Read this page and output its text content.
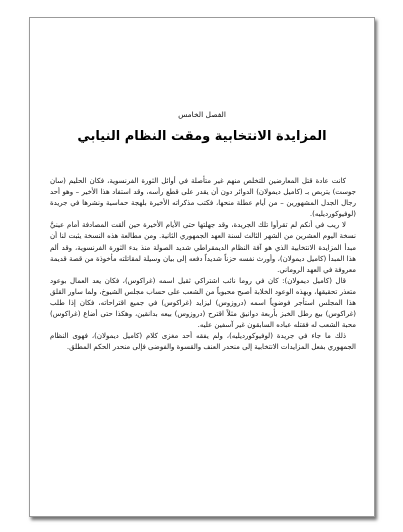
الفصل الخامس
المزايدة الانتخابية ومقت النظام النيابي

كانت عادة قتل المعارضين للتخلص منهم غير متأصلة في أوائل الثورة الفرنسوية، فكان الحليم (سان جوست) يتربص بـ (كاميل ديمولان) الدوائر دون أن يقدر على قطع رأسه، وقد استفاد هذا الأخير – وهو أحد رجال الجدل المشهورين – من أيام عطلة منحها، فكتب مذكراته الأخيرة بلهجة حماسية ونشرها في جريدة (لوفيوكورديليه).

لا ريب في أنكم لم تقرأوا تلك الجريدة، وقد جهلتها حتى الأيام الأخيرة حين ألقت المصادفة أمام عينيَّ نسخة اليوم العشرين من الشهر الثالث لسنة العهد الجمهوري الثانية. ومن مطالعة هذه النسخة يثبت لنا أن مبدأ المزايدة الانتخابية الذي هو آفة النظام الديمقراطي شديد الصولة منذ بدء الثورة الفرنسوية، وقد ألم هذا المبدأ (كاميل ديمولان)، وأورث نفسه حزناً شديداً دفعه إلى بيان وسيلة لمقاتلته مأخوذة من قصة قديمة معروفة في العهد الروماني.

قال (كاميل ديمولان): كان في روما نائب اشتراكي ثقيل اسمه (غراكوس)، فكان يعد العمال بوعود متعذر تحقيقها، وبهذه الوعود الخلابة أصبح محبوباً من الشعب على حساب مجلس الشيوخ، ولما ساور القلق هذا المجلس استأجر فوضوياً اسمه (دروزوس) ليزايد (غراكوس) في جميع اقتراحاته، فكان إذا طلب (غراكوس) بيع رطل الخبز بأربعة دوانيق مثلاً اقترح (دروزوس) بيعه بدانقين، وهكذا حتى أضاع (غراكوس) محبة الشعب له فقتله عباده السابقون غير آسفين عليه.

ذلك ما جاء في جريدة (لوفيوكورديليه)، ولم يفقه أحد مغزى كلام (كاميل ديمولان)، فهوى النظام الجمهوري بفعل المزايدات الانتخابية إلى منحدر العنف والقسوة والفوضى فإلى منحدر الحكم المطلق.
